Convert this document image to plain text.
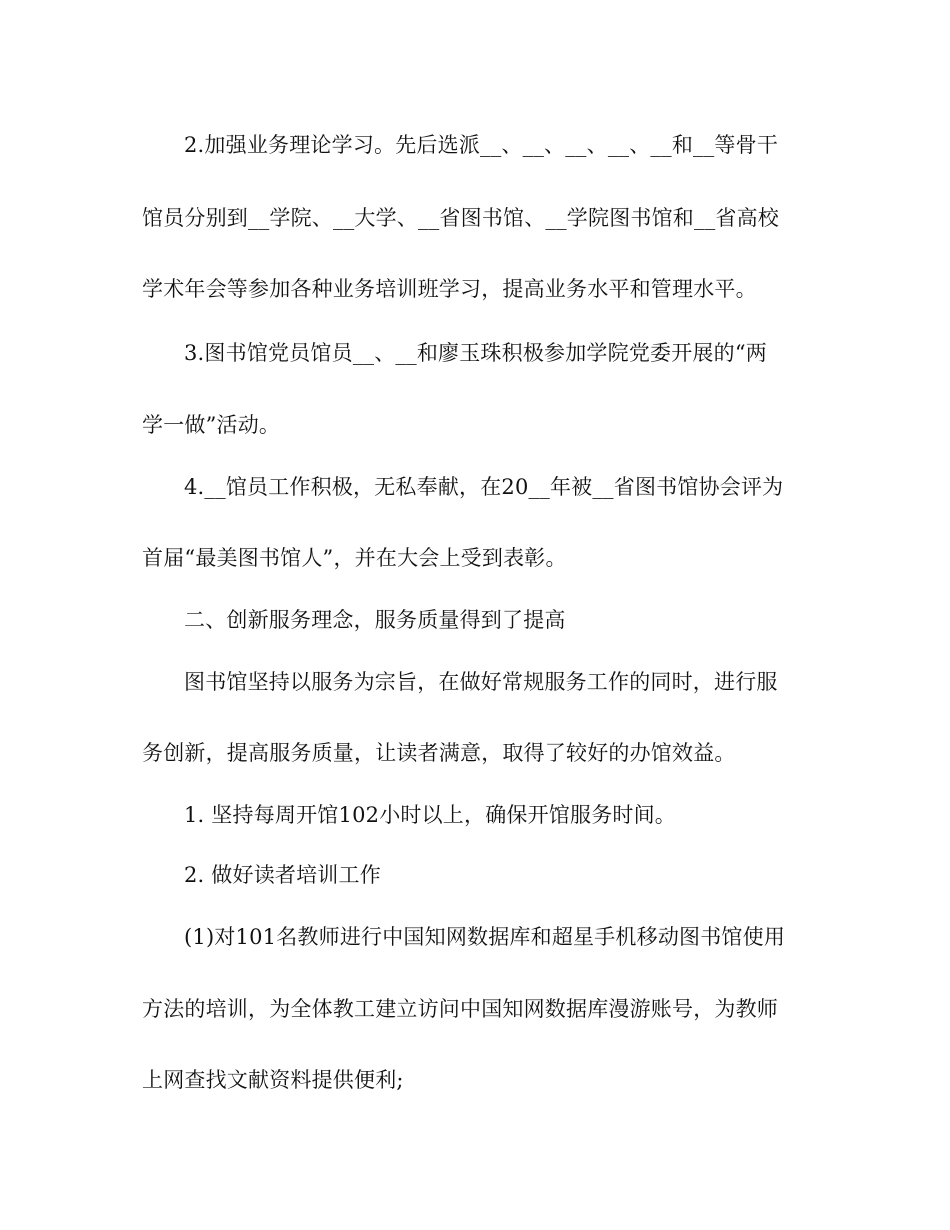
2.加强业务理论学习。先后选派__、__、__、__、__和__等骨干
馆员分别到__学院、__大学、__省图书馆、__学院图书馆和__省高校
学术年会等参加各种业务培训班学习，提高业务水平和管理水平。
3.图书馆党员馆员__、__和廖玉珠积极参加学院党委开展的“两
学一做”活动。
4.__馆员工作积极，无私奉献，在20__年被__省图书馆协会评为
首届“最美图书馆人”，并在大会上受到表彰。
二、创新服务理念，服务质量得到了提高
图书馆坚持以服务为宗旨，在做好常规服务工作的同时，进行服
务创新，提高服务质量，让读者满意，取得了较好的办馆效益。
1. 坚持每周开馆102小时以上，确保开馆服务时间。
2. 做好读者培训工作
(1)对101名教师进行中国知网数据库和超星手机移动图书馆使用
方法的培训，为全体教工建立访问中国知网数据库漫游账号，为教师
上网查找文献资料提供便利;
